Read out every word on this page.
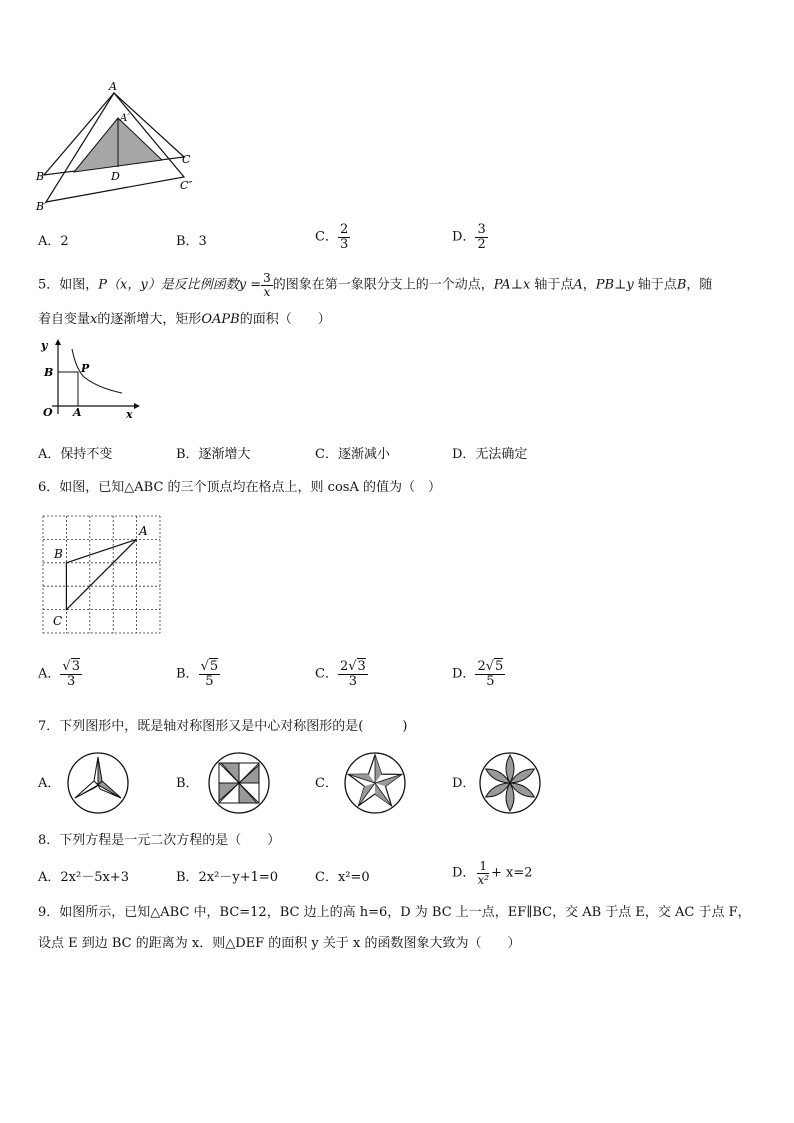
A
A′
B
B′
C
C″
D
A．2	B．3	C． $\frac{2}{3}$	D． $\frac{3}{2}$
5．如图，P（x，y）是反比例函数$y = \frac{3}{x}$ 的图象在第一象限分支上的一个动点，PA⊥x 轴于点A，PB⊥y 轴于点B，随
着自变量x的逐渐增大，矩形OAPB的面积（　　）
y
B	P
O A	x
A．保持不变	B．逐渐增大	C．逐渐减小	D．无法确定
6．如图，已知△ABC 的三个顶点均在格点上，则 cosA 的值为（　）
A
B
C
A． $\frac{√3}{3}$	B． $\frac{√5}{5}$	C． $\frac{2√3}{3}$	D． $\frac{2√5}{5}$
7．下列图形中，既是轴对称图形又是中心对称图形的是(　　　)
A．	B．	C．	D．
8．下列方程是一元二次方程的是（　　）
A．2x²－5x+3	B．2x²－y+1=0	C．x²=0	D． $\frac{1}{\text{x²}} + x=2$
9．如图所示，已知△ABC 中，BC=12，BC 边上的高 h=6，D 为 BC 上一点，EF∥BC，交 AB 于点 E，交 AC 于点 F，
设点 E 到边 BC 的距离为 x．则△DEF 的面积 y 关于 x 的函数图象大致为（　　）
